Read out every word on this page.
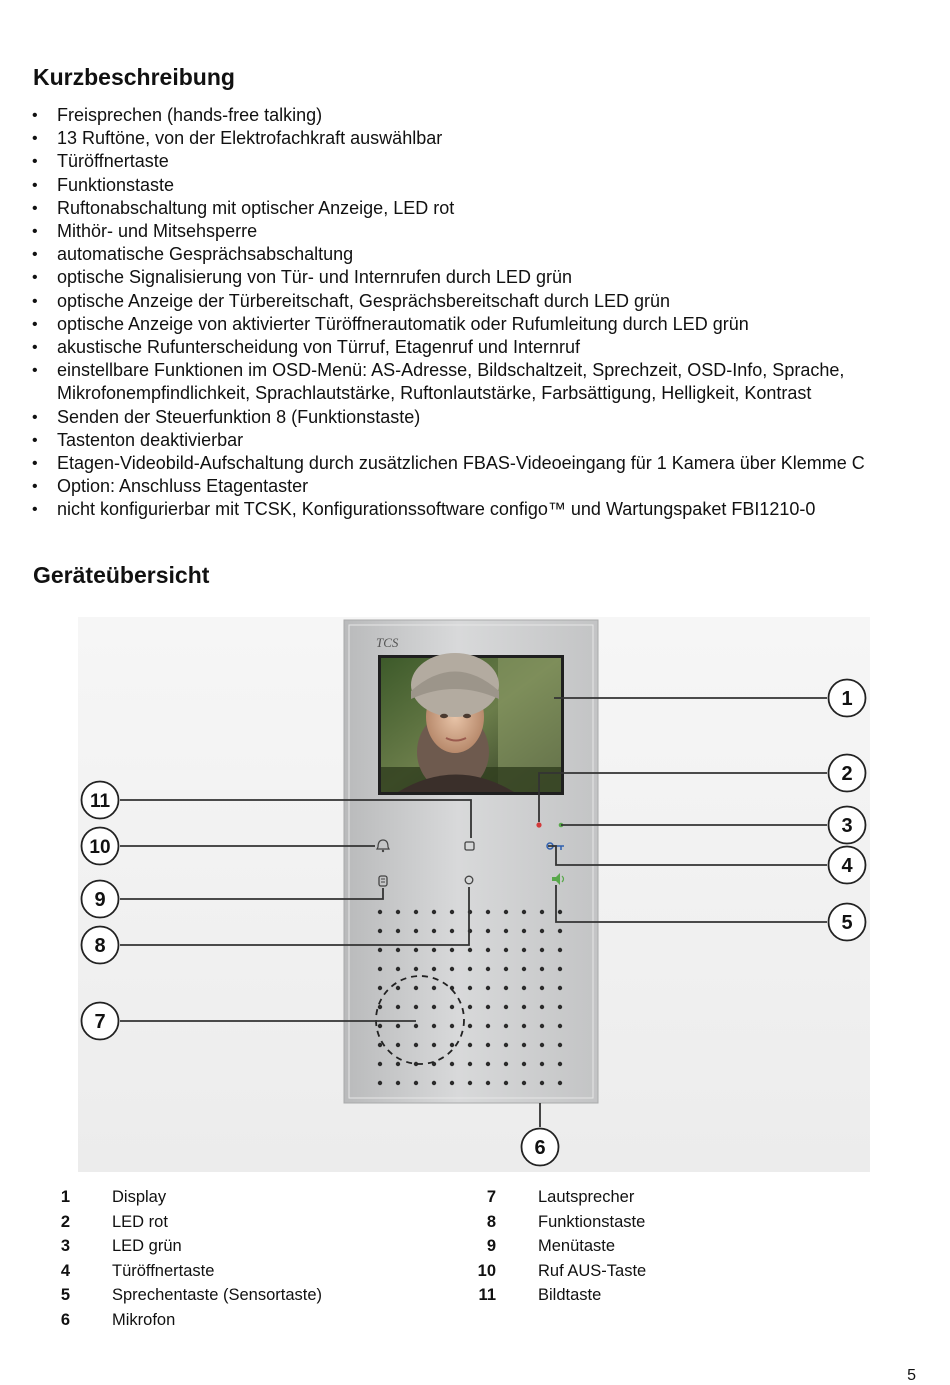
Kurzbeschreibung
• Freisprechen (hands-free talking)
• 13 Ruftöne, von der Elektrofachkraft auswählbar
• Türöffnertaste
• Funktionstaste
• Ruftonabschaltung mit optischer Anzeige, LED rot
• Mithör- und Mitsehsperre
• automatische Gesprächsabschaltung
• optische Signalisierung von Tür- und Internrufen durch LED grün
• optische Anzeige der Türbereitschaft, Gesprächsbereitschaft durch LED grün
• optische Anzeige von aktivierter Türöffnerautomatik oder Rufumleitung durch LED grün
• akustische Rufunterscheidung von Türruf, Etagenruf und Internruf
• einstellbare Funktionen im OSD-Menü: AS-Adresse, Bildschaltzeit, Sprechzeit, OSD-Info, Sprache, Mikrofonempfindlichkeit, Sprachlautstärke, Ruftonlautstärke, Farbsättigung, Helligkeit, Kontrast
• Senden der Steuerfunktion 8 (Funktionstaste)
• Tastenton deaktivierbar
• Etagen-Videobild-Aufschaltung durch zusätzlichen FBAS-Videoeingang für 1 Kamera über Klemme C
• Option: Anschluss Etagentaster
• nicht konfigurierbar mit TCSK, Konfigurationssoftware configo™ und Wartungspaket FBI1210-0
Geräteübersicht
TCS
1
2
3
4
5
6
7
8
9
10
11
1	Display
2	LED rot
3	LED grün
4	Türöffnertaste
5	Sprechentaste (Sensortaste)
6	Mikrofon
7	Lautsprecher
8	Funktionstaste
9	Menütaste
10	Ruf AUS-Taste
11	Bildtaste
5
